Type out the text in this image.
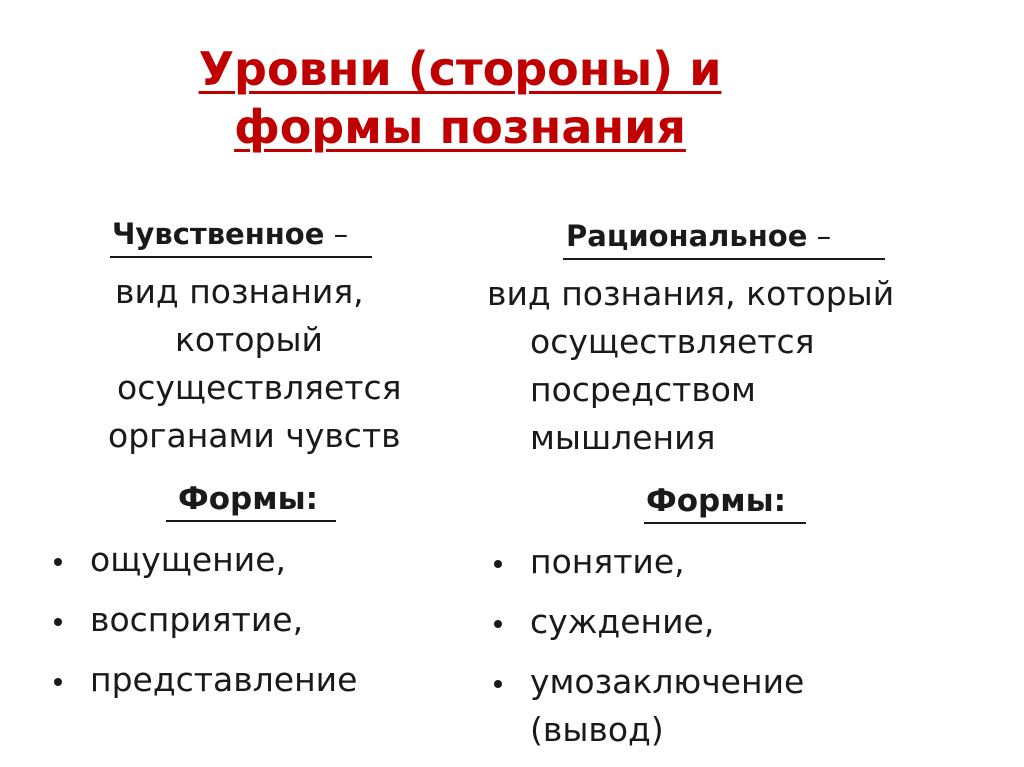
Уровни (стороны) и
формы познания
Чувственное –
вид познания,
который
осуществляется
органами чувств
Формы:
ощущение,
восприятие,
представление
Рациональное –
вид познания, который
осуществляется
посредством
мышления
Формы:
понятие,
суждение,
умозаключение
(вывод)
